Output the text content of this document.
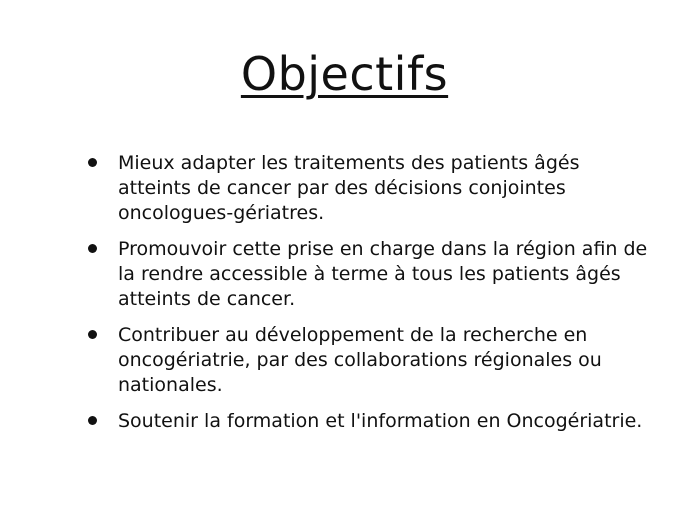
Objectifs
Mieux adapter les traitements des patients âgés atteints de cancer par des décisions conjointes oncologues-gériatres.
Promouvoir cette prise en charge dans la région afin de la rendre accessible à terme à tous les patients âgés atteints de cancer.
Contribuer au développement de la recherche en oncogériatrie, par des collaborations régionales ou nationales.
Soutenir la formation et l'information en Oncogériatrie.
